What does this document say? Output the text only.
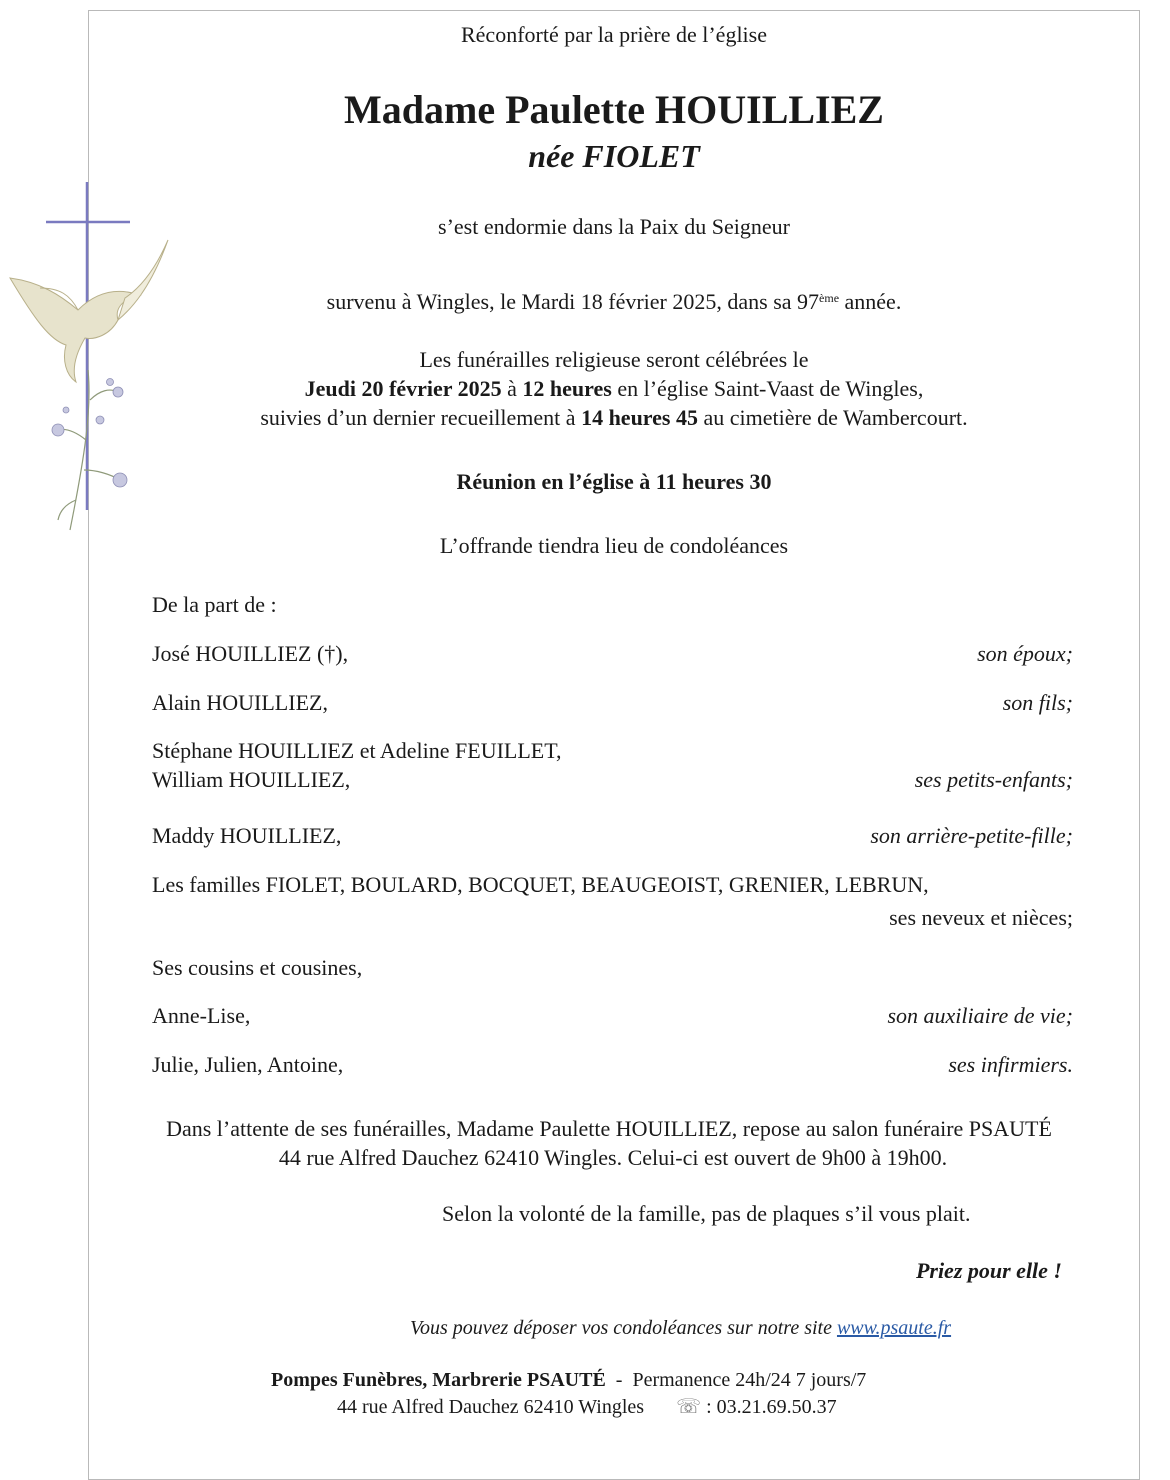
Réconforté par la prière de l’église
Madame Paulette HOUILLIEZ
née FIOLET
s’est endormie dans la Paix du Seigneur
survenu à Wingles, le Mardi 18 février 2025, dans sa 97ème année.
Les funérailles religieuse seront célébrées le
Jeudi 20 février 2025 à 12 heures en l’église Saint-Vaast de Wingles,
suivies d’un dernier recueillement à 14 heures 45 au cimetière de Wambercourt.
Réunion en l’église à 11 heures 30
L’offrande tiendra lieu de condoléances
De la part de :
José HOUILLIEZ (†),	son époux;
Alain HOUILLIEZ,	son fils;
Stéphane HOUILLIEZ et Adeline FEUILLET,
William HOUILLIEZ,	ses petits-enfants;
Maddy HOUILLIEZ,	son arrière-petite-fille;
Les familles FIOLET, BOULARD, BOCQUET, BEAUGEOIST, GRENIER, LEBRUN,
ses neveux et nièces;
Ses cousins et cousines,
Anne-Lise,	son auxiliaire de vie;
Julie, Julien, Antoine,	ses infirmiers.
Dans l’attente de ses funérailles, Madame Paulette HOUILLIEZ, repose au salon funéraire PSAUTÉ
44 rue Alfred Dauchez 62410 Wingles. Celui-ci est ouvert de 9h00 à 19h00.
Selon la volonté de la famille, pas de plaques s’il vous plait.
Priez pour elle !
Vous pouvez déposer vos condoléances sur notre site www.psaute.fr
Pompes Funèbres, Marbrerie PSAUTÉ - Permanence 24h/24 7 jours/7
44 rue Alfred Dauchez 62410 Wingles ☏ : 03.21.69.50.37
